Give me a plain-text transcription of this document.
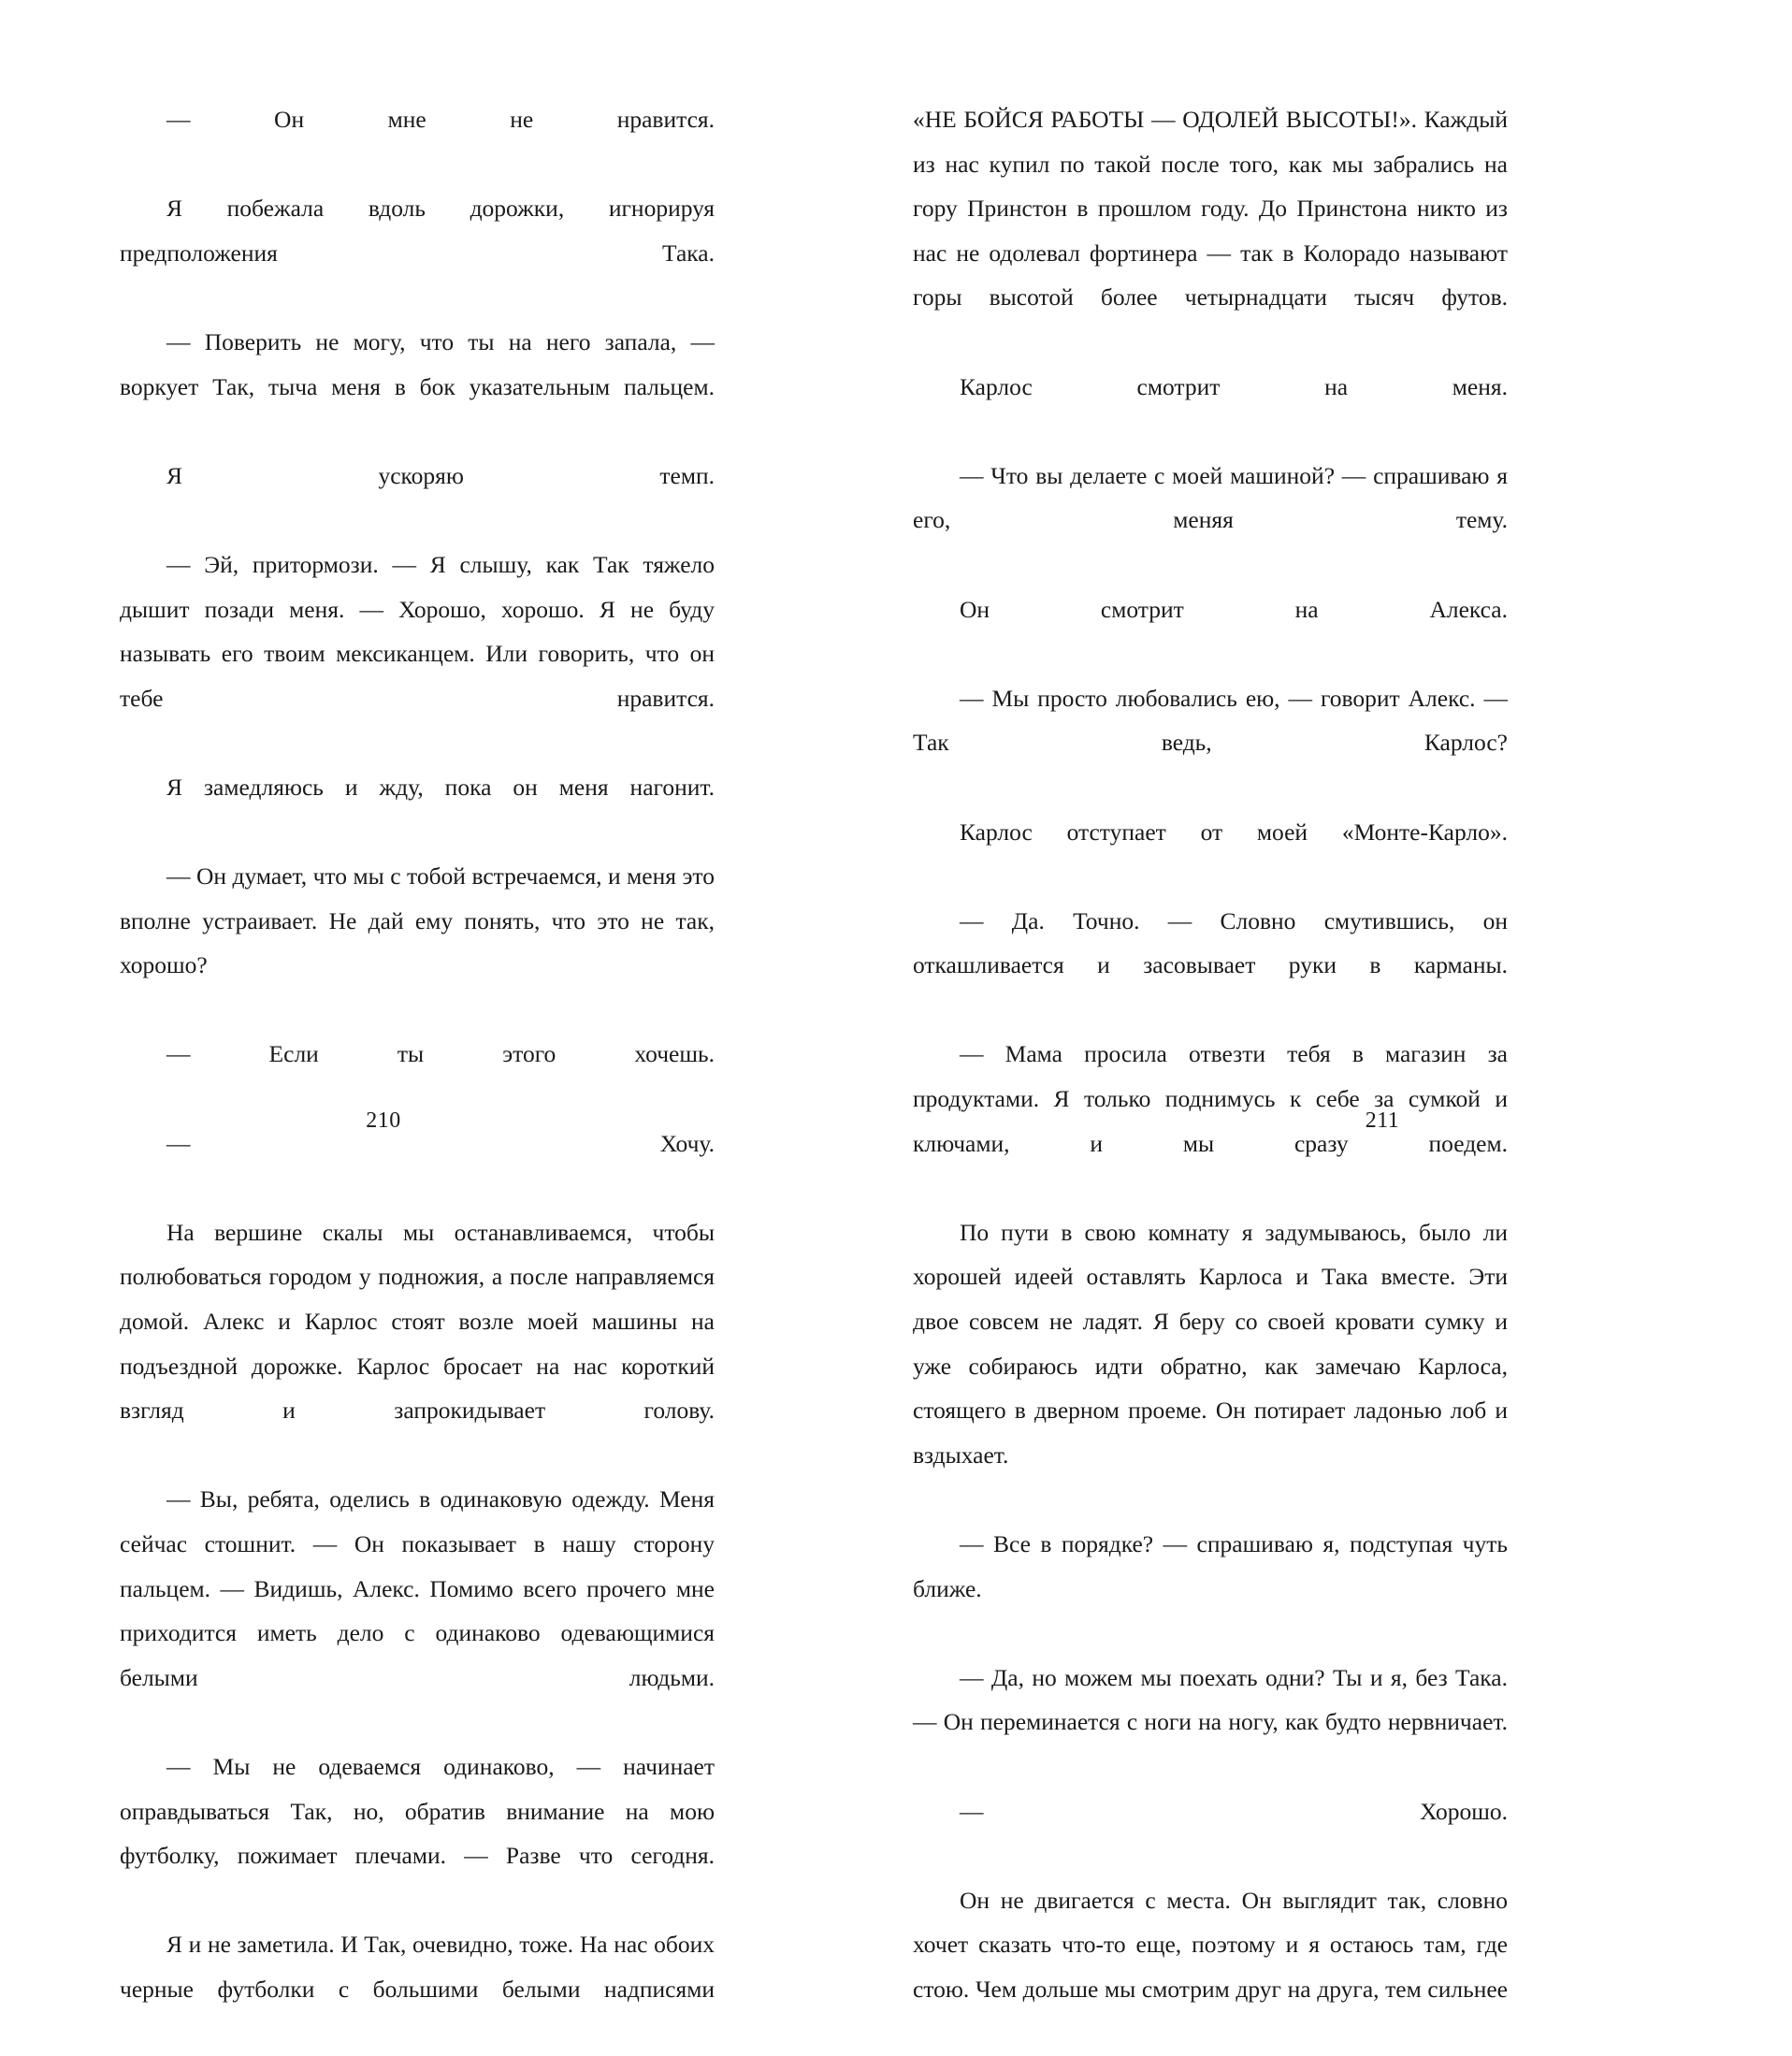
— Он мне не нравится.

Я побежала вдоль дорожки, игнорируя предположения Така.

— Поверить не могу, что ты на него запала, — воркует Так, тыча меня в бок указательным пальцем.

Я ускоряю темп.

— Эй, притормози. — Я слышу, как Так тяжело дышит позади меня. — Хорошо, хорошо. Я не буду называть его твоим мексиканцем. Или говорить, что он тебе нравится.

Я замедляюсь и жду, пока он меня нагонит.

— Он думает, что мы с тобой встречаемся, и меня это вполне устраивает. Не дай ему понять, что это не так, хорошо?

— Если ты этого хочешь.

— Хочу.

На вершине скалы мы останавливаемся, чтобы полюбоваться городом у подножия, а после направляемся домой. Алекс и Карлос стоят возле моей машины на подъездной дорожке. Карлос бросает на нас короткий взгляд и запрокидывает голову.

— Вы, ребята, оделись в одинаковую одежду. Меня сейчас стошнит. — Он показывает в нашу сторону пальцем. — Видишь, Алекс. Помимо всего прочего мне приходится иметь дело с одинаково одевающимися белыми людьми.

— Мы не одеваемся одинаково, — начинает оправдываться Так, но, обратив внимание на мою футболку, пожимает плечами. — Разве что сегодня.

Я и не заметила. И Так, очевидно, тоже. На нас обоих черные футболки с большими белыми надписями

210

«НЕ БОЙСЯ РАБОТЫ — ОДОЛЕЙ ВЫСОТЫ!». Каждый из нас купил по такой после того, как мы забрались на гору Принстон в прошлом году. До Принстона никто из нас не одолевал фортинера — так в Колорадо называют горы высотой более четырнадцати тысяч футов.

Карлос смотрит на меня.

— Что вы делаете с моей машиной? — спрашиваю я его, меняя тему.

Он смотрит на Алекса.

— Мы просто любовались ею, — говорит Алекс. — Так ведь, Карлос?

Карлос отступает от моей «Монте-Карло».

— Да. Точно. — Словно смутившись, он откашливается и засовывает руки в карманы.

— Мама просила отвезти тебя в магазин за продуктами. Я только поднимусь к себе за сумкой и ключами, и мы сразу поедем.

По пути в свою комнату я задумываюсь, было ли хорошей идеей оставлять Карлоса и Така вместе. Эти двое совсем не ладят. Я беру со своей кровати сумку и уже собираюсь идти обратно, как замечаю Карлоса, стоящего в дверном проеме. Он потирает ладонью лоб и вздыхает.

— Все в порядке? — спрашиваю я, подступая чуть ближе.

— Да, но можем мы поехать одни? Ты и я, без Така. — Он переминается с ноги на ногу, как будто нервничает.

— Хорошо.

Он не двигается с места. Он выглядит так, словно хочет сказать что-то еще, поэтому и я остаюсь там, где стою. Чем дольше мы смотрим друг на друга, тем сильнее

211
